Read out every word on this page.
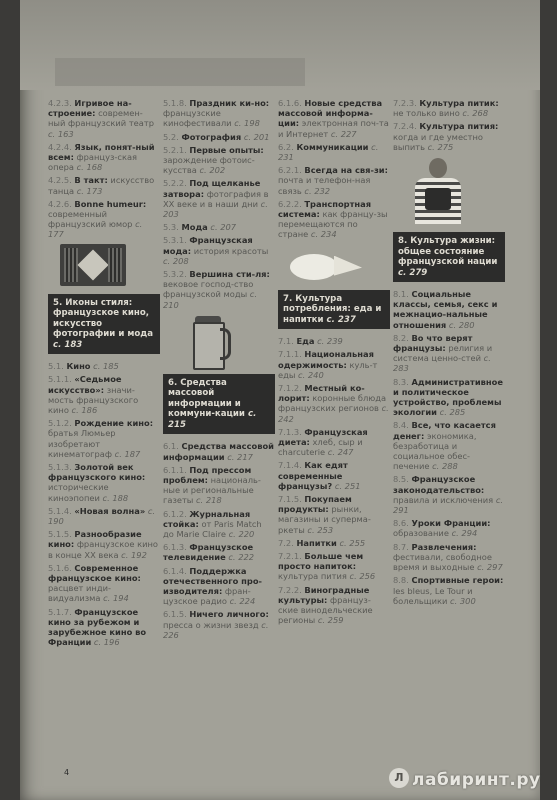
4.2.3. Игривое на-строение: современ-ный французский театр с. 163
4.2.4. Язык, понят-ный всем: француз-ская опера с. 168
4.2.5. В такт: искусство танца с. 173
4.2.6. Bonne humeur: современный французский юмор с. 177
5. Иконы стиля: французское кино, искусство фотографии и мода с. 183
5.1. Кино с. 185
5.1.1. «Седьмое искусство»: значи-мость французского кино с. 186
5.1.2. Рождение кино: братья Люмьер изобретают кинематограф с. 187
5.1.3. Золотой век французского кино: исторические киноэпопеи с. 188
5.1.4. «Новая волна» с. 190
5.1.5. Разнообразие кино: французское кино в конце XX века с. 192
5.1.6. Современное французское кино: расцвет инди-видуализма с. 194
5.1.7. Французское кино за рубежом и зарубежное кино во Франции с. 196
5.1.8. Праздник ки-но: французские кинофестивали с. 198
5.2. Фотография с. 201
5.2.1. Первые опыты: зарождение фотоис-кусства с. 202
5.2.2. Под щелканье затвора: фотография в XX веке и в наши дни с. 203
5.3. Мода с. 207
5.3.1. Французская мода: история красоты с. 208
5.3.2. Вершина сти-ля: вековое господ-ство французской моды с. 210
6. Средства массовой информации и коммуни-кации с. 215
6.1. Средства массовой информации с. 217
6.1.1. Под прессом проблем: националь-ные и региональные газеты с. 218
6.1.2. Журнальная стойка: от Paris Match до Marie Claire с. 220
6.1.3. Французское телевидение с. 222
6.1.4. Поддержка отечественного про-изводителя: фран-цузское радио с. 224
6.1.5. Ничего личного: пресса о жизни звезд с. 226
6.1.6. Новые средства массовой информа-ции: электронная поч-та и Интернет с. 227
6.2. Коммуникации с. 231
6.2.1. Всегда на свя-зи: почта и телефон-ная связь с. 232
6.2.2. Транспортная система: как францу-зы перемещаются по стране с. 234
7. Культура потребления: еда и напитки с. 237
7.1. Еда с. 239
7.1.1. Национальная одержимость: куль-т еды с. 240
7.1.2. Местный ко-лорит: коронные блюда французских регионов с. 242
7.1.3. Французская диета: хлеб, сыр и charcuterie с. 247
7.1.4. Как едят современные французы? с. 251
7.1.5. Покупаем продукты: рынки, магазины и суперма-ркеты с. 253
7.2. Напитки с. 255
7.2.1. Больше чем просто напиток: культура пития с. 256
7.2.2. Виноградные культуры: француз-ские винодельческие регионы с. 259
7.2.3. Культура питик: не только вино с. 268
7.2.4. Культура пития: когда и где уместно выпить с. 275
8. Культура жизни: общее состояние французской нации с. 279
8.1. Социальные классы, семья, секс и межнацио-нальные отношения с. 280
8.2. Во что верят французы: религия и система ценно-стей с. 283
8.3. Административное и политическое устройство, проблемы экологии с. 285
8.4. Все, что касается денег: экономика, безработица и социальное обес-печение с. 288
8.5. Французское законодательство: правила и исключения с. 291
8.6. Уроки Франции: образование с. 294
8.7. Развлечения: фестивали, свободное время и выходные с. 297
8.8. Спортивные герои: les bleus, Le Tour и болельщики с. 300
4	Л лабиринт.ру
